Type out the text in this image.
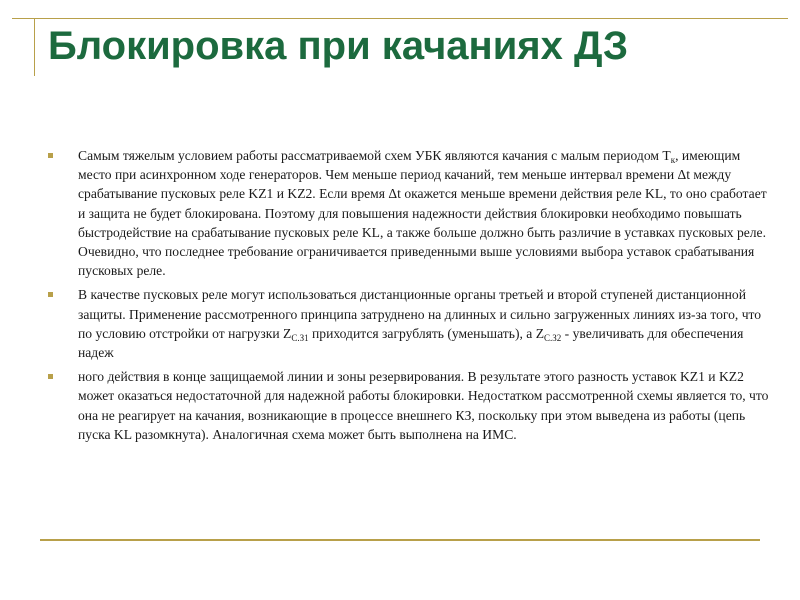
Блокировка при качаниях ДЗ
Самым тяжелым условием работы рассматриваемой схем УБК являются качания с малым периодом $Т_к$, имеющим место при асинхронном ходе генераторов. Чем меньше период качаний, тем меньше интервал времени Δt между срабатывание пусковых реле KZ1 и KZ2. Если время Δt окажется меньше времени действия реле KL, то оно сработает и защита не будет блокирована. Поэтому для повышения надежности действия блокировки необходимо повышать быстродействие на срабатывание пусковых реле KL, а также больше должно быть различие в уставках пусковых реле. Очевидно, что последнее требование ограничивается приведенными выше условиями выбора уставок срабатывания пусковых реле.
В качестве пусковых реле могут использоваться дистанционные органы третьей и второй ступеней дистанционной защиты. Применение рассмотренного принципа затруднено на длинных и сильно загруженных линиях из-за того, что по условию отстройки от нагрузки $Z_{С.З1}$ приходится загрублять (уменьшать), а $Z_{С.З2}$ - увеличивать для обеспечения надеж
ного действия в конце защищаемой линии и зоны резервирования. В результате этого разность уставок KZ1 и KZ2 может оказаться недостаточной для надежной работы блокировки. Недостатком рассмотренной схемы является то, что она не реагирует на качания, возникающие в процессе внешнего КЗ, поскольку при этом выведена из работы (цепь пуска KL разомкнута). Аналогичная схема может быть выполнена на ИМС.
